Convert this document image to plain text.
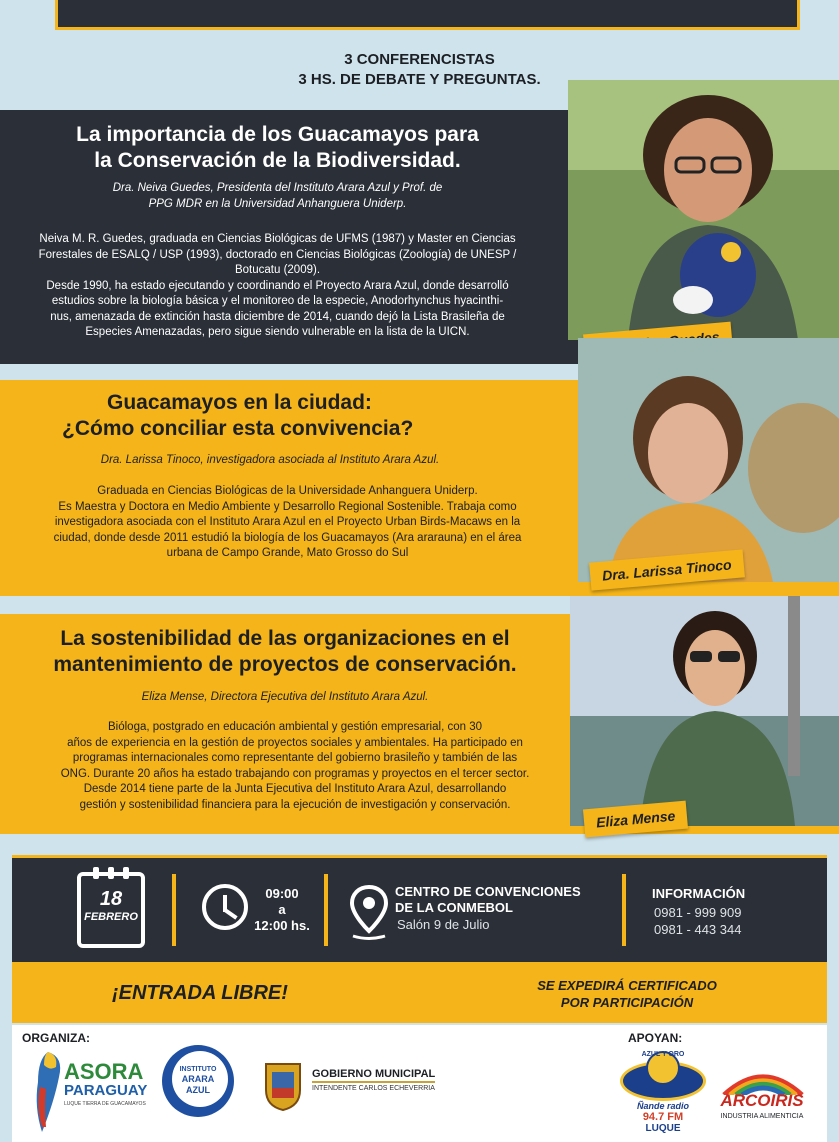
3 CONFERENCISTAS
3 HS. DE DEBATE Y PREGUNTAS.
La importancia de los Guacamayos para
la Conservación de la Biodiversidad.
Dra. Neiva Guedes, Presidenta del Instituto Arara Azul y Prof. de
PPG MDR en la Universidad Anhanguera Uniderp.
Neiva M. R. Guedes, graduada en Ciencias Biológicas de UFMS (1987) y Master en Ciencias
Forestales de ESALQ / USP (1993), doctorado en Ciencias Biológicas (Zoología) de UNESP /
Botucatu (2009).
Desde 1990, ha estado ejecutando y coordinando el Proyecto Arara Azul, donde desarrolló
estudios sobre la biología básica y el monitoreo de la especie, Anodorhynchus hyacinthi-
nus, amenazada de extinción hasta diciembre de 2014, cuando dejó la Lista Brasileña de
Especies Amenazadas, pero sigue siendo vulnerable en la lista de la UICN.
Guacamayos en la ciudad:
¿Cómo conciliar esta convivencia?
Dra. Larissa Tinoco, investigadora asociada al Instituto Arara Azul.
Graduada en Ciencias Biológicas de la Universidade Anhanguera Uniderp.
Es Maestra y Doctora en Medio Ambiente y Desarrollo Regional Sostenible. Trabaja como
investigadora asociada con el Instituto Arara Azul en el Proyecto Urban Birds-Macaws en la
ciudad, donde desde 2011 estudió la biología de los Guacamayos (Ara ararauna) en el área
urbana de Campo Grande, Mato Grosso do Sul
Dra. Larissa Tinoco
La sostenibilidad de las organizaciones en el
mantenimiento de proyectos de conservación.
Eliza Mense, Directora Ejecutiva del Instituto Arara Azul.
Bióloga, postgrado en educación ambiental y gestión empresarial, con 30
años de experiencia en la gestión de proyectos sociales y ambientales. Ha participado en
programas internacionales como representante del gobierno brasileño y también de las
ONG. Durante 20 años ha estado trabajando con programas y proyectos en el tercer sector.
Desde 2014 tiene parte de la Junta Ejecutiva del Instituto Arara Azul, desarrollando
gestión y sostenibilidad financiera para la ejecución de investigación y conservación.
Eliza Mense
18
FEBRERO
09:00
a
12:00 hs.
CENTRO DE CONVENCIONES
DE LA CONMEBOL
Salón 9 de Julio
INFORMACIÓN
0981 - 999 909
0981 - 443 344
¡ENTRADA LIBRE!	SE EXPEDIRÁ CERTIFICADO
POR PARTICIPACIÓN
ORGANIZA:	APOYAN:
ASORA
PARAGUAY
LUQUE TIERRA DE GUACAMAYOS
INSTITUTO
ARARA
AZUL
GOBIERNO MUNICIPAL
INTENDENTE CARLOS ECHEVERRIA
AZUL Y ORO
Ñande radio
94.7 FM
LUQUE
ARCOIRIS
INDUSTRIA ALIMENTICIA
